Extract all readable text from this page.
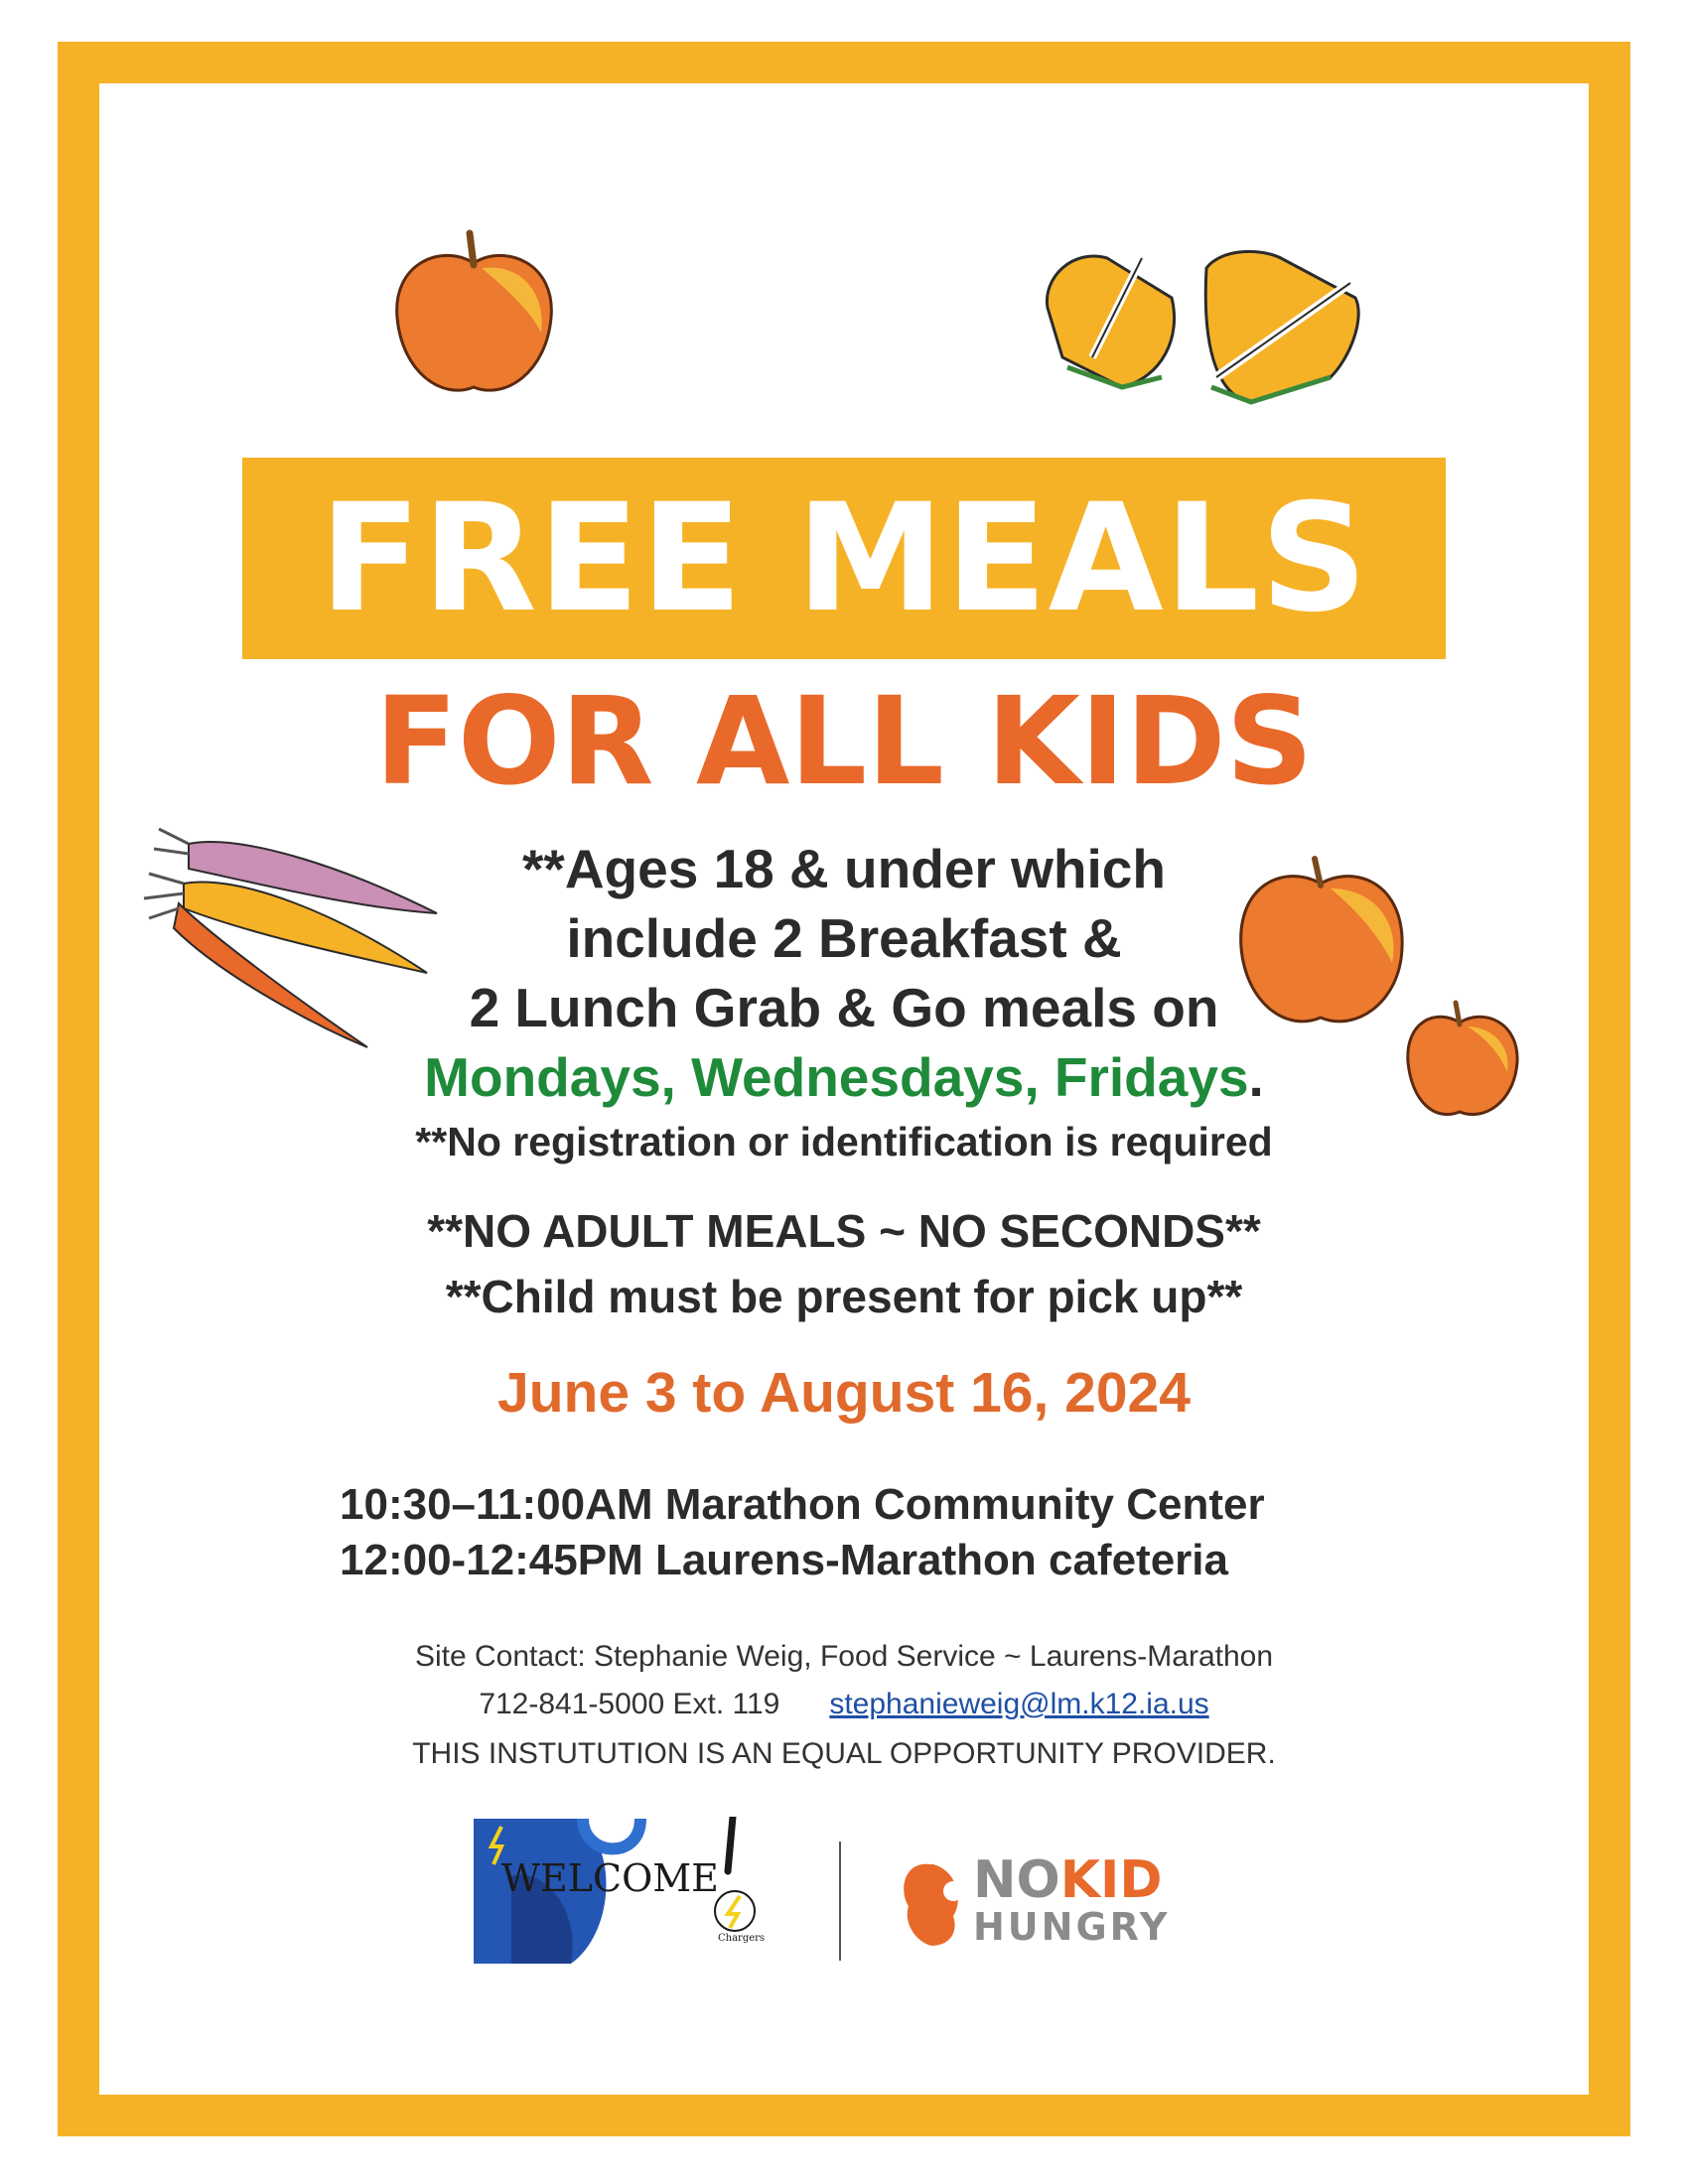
FREE MEALS
FOR ALL KIDS
**Ages 18 & under which
include 2 Breakfast &
2 Lunch Grab & Go meals on
Mondays, Wednesdays, Fridays.
**No registration or identification is required
**NO ADULT MEALS ~ NO SECONDS**
**Child must be present for pick up**
June 3 to August 16, 2024
10:30–11:00AM Marathon Community Center
12:00-12:45PM Laurens-Marathon cafeteria
Site Contact: Stephanie Weig, Food Service ~ Laurens-Marathon
712-841-5000 Ext. 119 stephanieweig@lm.k12.ia.us
THIS INSTUTUTION IS AN EQUAL OPPORTUNITY PROVIDER.
Chargers
WELCOME	NOKID
HUNGRY
